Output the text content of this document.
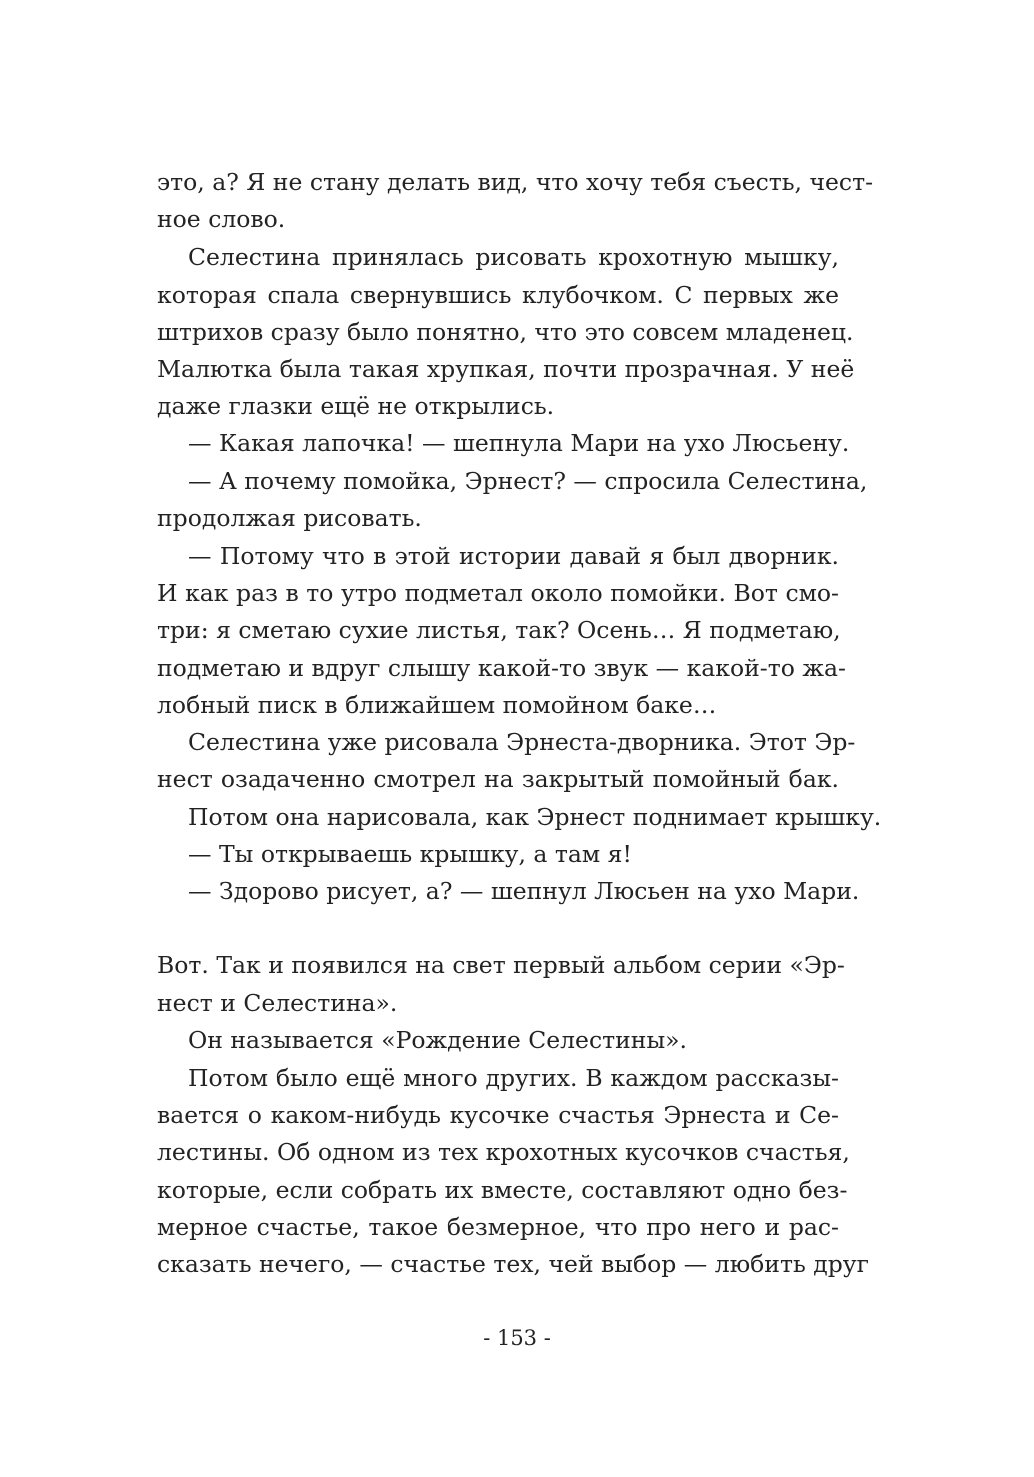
это, а? Я не стану делать вид, что хочу тебя съесть, чест-
ное слово.
Селестина принялась рисовать крохотную мышку,
которая спала свернувшись клубочком. С первых же
штрихов сразу было понятно, что это совсем младенец.
Малютка была такая хрупкая, почти прозрачная. У неё
даже глазки ещё не открылись.
— Какая лапочка! — шепнула Мари на ухо Люсьену.
— А почему помойка, Эрнест? — спросила Селестина,
продолжая рисовать.
— Потому что в этой истории давай я был дворник.
И как раз в то утро подметал около помойки. Вот смо-
три: я сметаю сухие листья, так? Осень… Я подметаю,
подметаю и вдруг слышу какой-то звук — какой-то жа-
лобный писк в ближайшем помойном баке…
Селестина уже рисовала Эрнеста-дворника. Этот Эр-
нест озадаченно смотрел на закрытый помойный бак.
Потом она нарисовала, как Эрнест поднимает крышку.
— Ты открываешь крышку, а там я!
— Здорово рисует, а? — шепнул Люсьен на ухо Мари.
Вот. Так и появился на свет первый альбом серии «Эр-
нест и Селестина».
Он называется «Рождение Селестины».
Потом было ещё много других. В каждом рассказы-
вается о каком-нибудь кусочке счастья Эрнеста и Се-
лестины. Об одном из тех крохотных кусочков счастья,
которые, если собрать их вместе, составляют одно без-
мерное счастье, такое безмерное, что про него и рас-
сказать нечего, — счастье тех, чей выбор — любить друг
- 153 -
